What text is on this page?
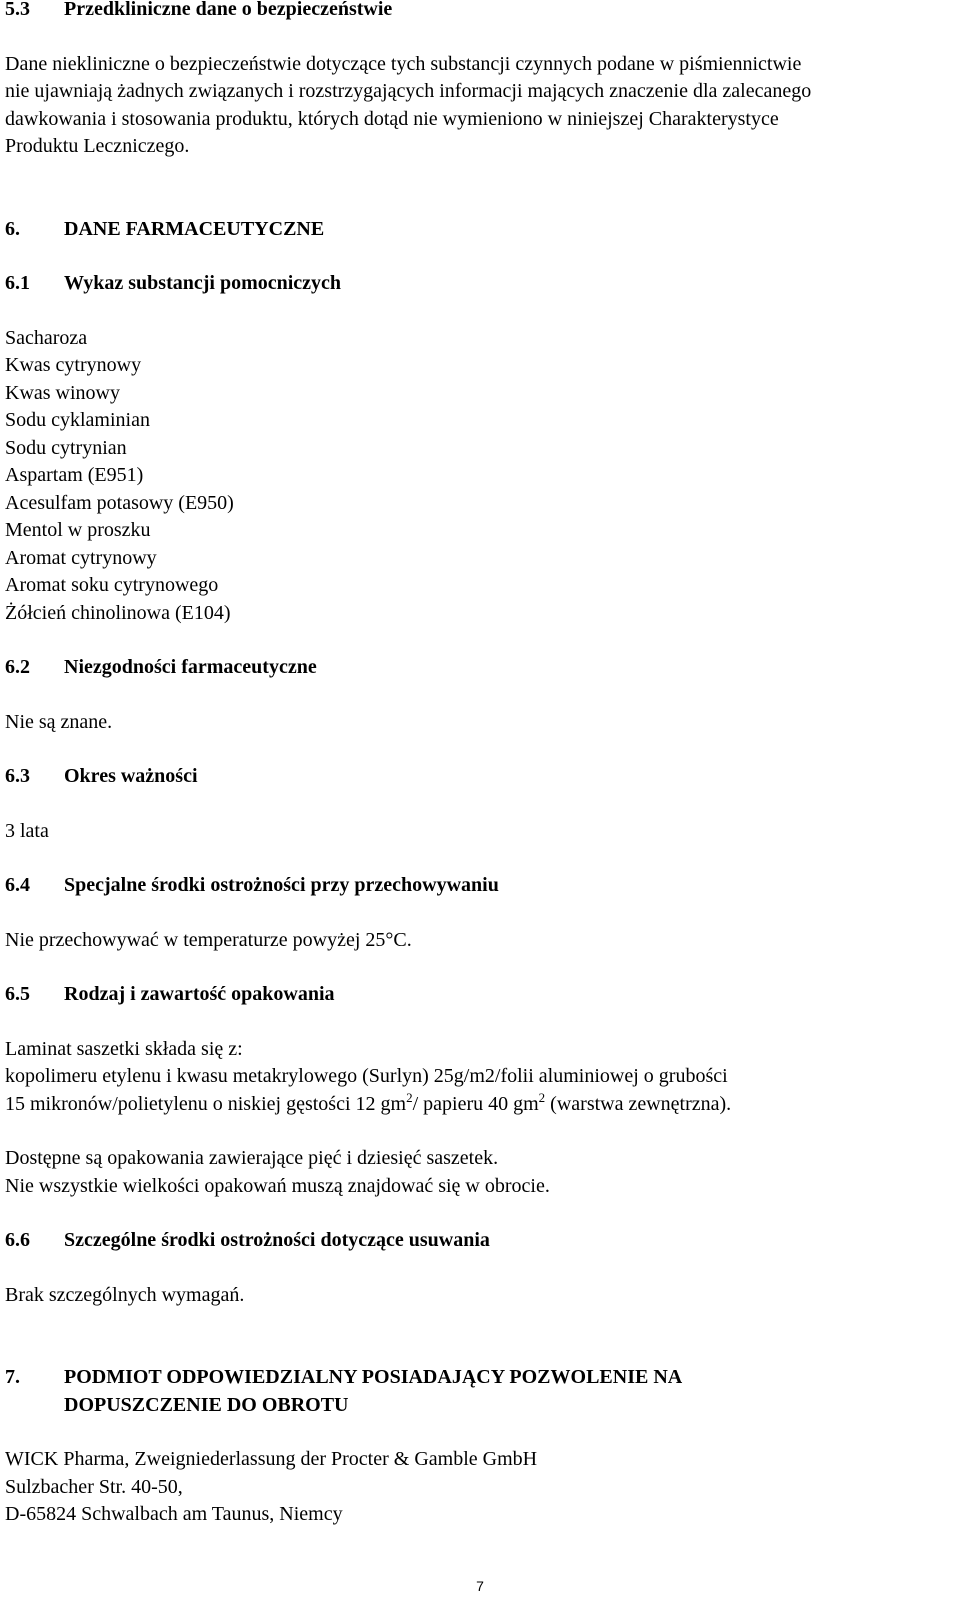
5.3	Przedkliniczne dane o bezpieczeństwie
Dane niekliniczne o bezpieczeństwie dotyczące tych substancji czynnych podane w piśmiennictwie
nie ujawniają żadnych związanych i rozstrzygających informacji mających znaczenie dla zalecanego
dawkowania i stosowania produktu, których dotąd nie wymieniono w niniejszej Charakterystyce
Produktu Leczniczego.
6.	DANE FARMACEUTYCZNE
6.1	Wykaz substancji pomocniczych
Sacharoza
Kwas cytrynowy
Kwas winowy
Sodu cyklaminian
Sodu cytrynian
Aspartam (E951)
Acesulfam potasowy (E950)
Mentol w proszku
Aromat cytrynowy
Aromat soku cytrynowego
Żółcień chinolinowa (E104)
6.2	Niezgodności farmaceutyczne
Nie są znane.
6.3	Okres ważności
3 lata
6.4	Specjalne środki ostrożności przy przechowywaniu
Nie przechowywać w temperaturze powyżej 25°C.
6.5	Rodzaj i zawartość opakowania
Laminat saszetki składa się z:
kopolimeru etylenu i kwasu metakrylowego (Surlyn) 25g/m2/folii aluminiowej o grubości
15 mikronów/polietylenu o niskiej gęstości 12 $gm^2/$ papieru 40 $gm^2$ (warstwa zewnętrzna).
Dostępne są opakowania zawierające pięć i dziesięć saszetek.
Nie wszystkie wielkości opakowań muszą znajdować się w obrocie.
6.6	Szczególne środki ostrożności dotyczące usuwania
Brak szczególnych wymagań.
7.	PODMIOT ODPOWIEDZIALNY POSIADAJĄCY POZWOLENIE NA
DOPUSZCZENIE DO OBROTU
WICK Pharma, Zweigniederlassung der Procter & Gamble GmbH
Sulzbacher Str. 40-50,
D-65824 Schwalbach am Taunus, Niemcy
7
